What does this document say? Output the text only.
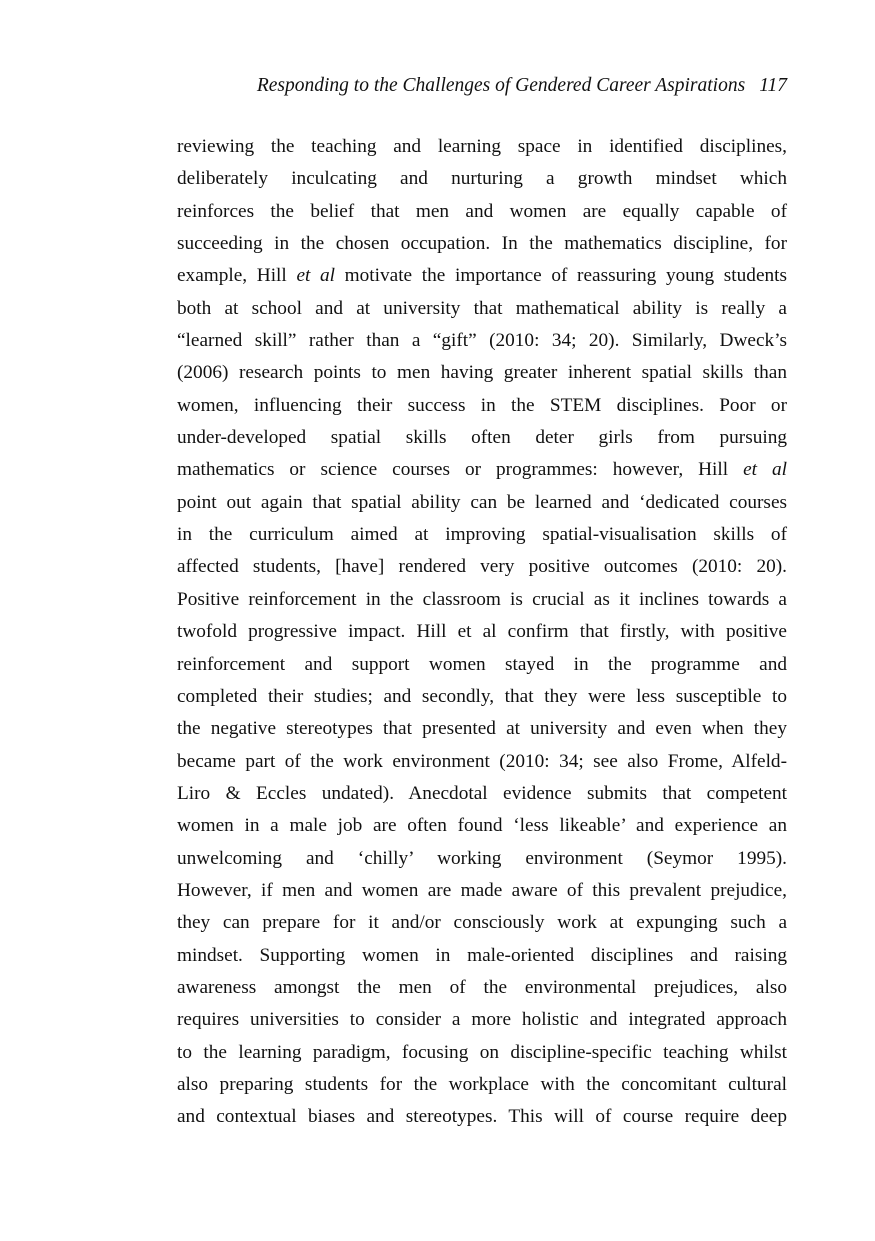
Responding to the Challenges of Gendered Career Aspirations 117
reviewing the teaching and learning space in identified disciplines,
deliberately inculcating and nurturing a growth mindset which
reinforces the belief that men and women are equally capable of
succeeding in the chosen occupation. In the mathematics discipline, for
example, Hill et al motivate the importance of reassuring young students
both at school and at university that mathematical ability is really a
“learned skill” rather than a “gift” (2010: 34; 20). Similarly, Dweck’s
(2006) research points to men having greater inherent spatial skills than
women, influencing their success in the STEM disciplines. Poor or
under-developed spatial skills often deter girls from pursuing
mathematics or science courses or programmes: however, Hill et al
point out again that spatial ability can be learned and ‘dedicated courses
in the curriculum aimed at improving spatial-visualisation skills of
affected students, [have] rendered very positive outcomes (2010: 20).
Positive reinforcement in the classroom is crucial as it inclines towards a
twofold progressive impact. Hill et al confirm that firstly, with positive
reinforcement and support women stayed in the programme and
completed their studies; and secondly, that they were less susceptible to
the negative stereotypes that presented at university and even when they
became part of the work environment (2010: 34; see also Frome, Alfeld-
Liro & Eccles undated). Anecdotal evidence submits that competent
women in a male job are often found ‘less likeable’ and experience an
unwelcoming and ‘chilly’ working environment (Seymor 1995).
However, if men and women are made aware of this prevalent prejudice,
they can prepare for it and/or consciously work at expunging such a
mindset. Supporting women in male-oriented disciplines and raising
awareness amongst the men of the environmental prejudices, also
requires universities to consider a more holistic and integrated approach
to the learning paradigm, focusing on discipline-specific teaching whilst
also preparing students for the workplace with the concomitant cultural
and contextual biases and stereotypes. This will of course require deep
